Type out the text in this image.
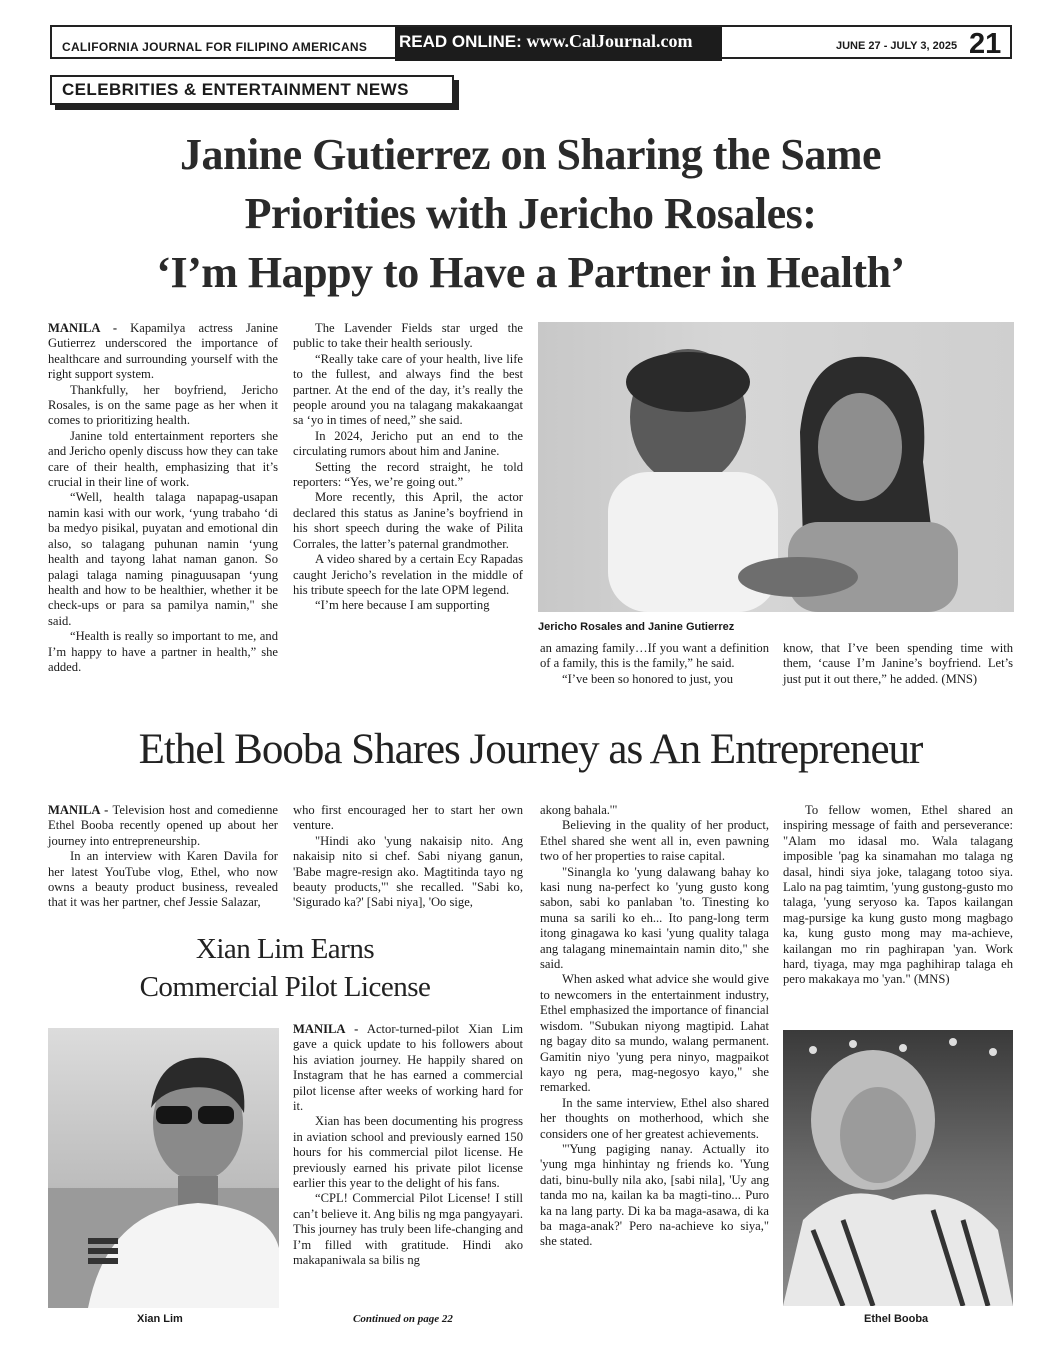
CALIFORNIA JOURNAL FOR FILIPINO AMERICANS READ ONLINE: www.CalJournal.com	JUNE 27 - JULY 3, 2025 21
CELEBRITIES & ENTERTAINMENT NEWS
Janine Gutierrez on Sharing the Same
Priorities with Jericho Rosales:
‘I’m Happy to Have a Partner in Health’

MANILA - Kapamilya actress Janine Gutierrez underscored the importance of healthcare and surrounding yourself with the right support system.

Thankfully, her boyfriend, Jericho Rosales, is on the same page as her when it comes to prioritizing health.

Janine told entertainment reporters she and Jericho openly discuss how they can take care of their health, emphasizing that it’s crucial in their line of work.

“Well, health talaga napapag-usapan namin kasi with our work, ‘yung trabaho ‘di ba medyo pisikal, puyatan and emotional din also, so talagang puhunan namin ‘yung health and tayong lahat naman ganon. So palagi talaga naming pinaguusapan ‘yung health and how to be healthier, whether it be check-ups or para sa pamilya namin," she said.

“Health is really so important to me, and I’m happy to have a partner in health,” she added.

The Lavender Fields star urged the public to take their health seriously.

“Really take care of your health, live life to the fullest, and always find the best partner. At the end of the day, it’s really the people around you na talagang makakaangat sa ‘yo in times of need,” she said.

In 2024, Jericho put an end to the circulating rumors about him and Janine.

Setting the record straight, he told reporters: “Yes, we’re going out.”

More recently, this April, the actor declared this status as Janine’s boyfriend in his short speech during the wake of Pilita Corrales, the latter’s paternal grandmother.

A video shared by a certain Ecy Rapadas caught Jericho’s revelation in the middle of his tribute speech for the late OPM legend.

“I’m here because I am supporting

Jericho Rosales and Janine Gutierrez

an amazing family…If you want a definition of a family, this is the family,” he said.

“I’ve been so honored to just, you

know, that I’ve been spending time with them, ‘cause I’m Janine’s boyfriend. Let’s just put it out there,” he added. (MNS)

Ethel Booba Shares Journey as An Entrepreneur

MANILA - Television host and comedienne Ethel Booba recently opened up about her journey into entrepreneurship.

In an interview with Karen Davila for her latest YouTube vlog, Ethel, who now owns a beauty product business, revealed that it was her partner, chef Jessie Salazar,

who first encouraged her to start her own venture.

"Hindi ako 'yung nakaisip nito. Ang nakaisip nito si chef. Sabi niyang ganun, 'Babe magre-resign ako. Magtitinda tayo ng beauty products,"' she recalled. "Sabi ko, 'Sigurado ka?' [Sabi niya], 'Oo sige,

akong bahala.'"

Believing in the quality of her product, Ethel shared she went all in, even pawning two of her properties to raise capital.

"Sinangla ko 'yung dalawang bahay ko kasi nung na-perfect ko 'yung gusto kong sabon, sabi ko panlaban 'to. Tinesting ko muna sa sarili ko eh... Ito pang-long term itong ginagawa ko kasi 'yung quality talaga ang talagang minemaintain namin dito," she said.

When asked what advice she would give to newcomers in the entertainment industry, Ethel emphasized the importance of financial wisdom. "Subukan niyong magtipid. Lahat ng bagay dito sa mundo, walang permanent. Gamitin niyo 'yung pera ninyo, magpaikot kayo ng pera, mag-negosyo kayo," she remarked.

In the same interview, Ethel also shared her thoughts on motherhood, which she considers one of her greatest achievements.

"'Yung pagiging nanay. Actually ito 'yung mga hinhintay ng friends ko. 'Yung dati, binu-bully nila ako, [sabi nila], 'Uy ang tanda mo na, kailan ka ba magti-tino... Puro ka na lang party. Di ka ba maga-asawa, di ka ba maga-anak?' Pero na-achieve ko siya," she stated.

To fellow women, Ethel shared an inspiring message of faith and perseverance: "Alam mo idasal mo. Wala talagang imposible 'pag ka sinamahan mo talaga ng dasal, hindi siya joke, talagang totoo siya. Lalo na pag taimtim, 'yung gustong-gusto mo talaga, 'yung seryoso ka. Tapos kailangan mag-pursige ka kung gusto mong magbago ka, kung gusto mong may ma-achieve, kailangan mo rin paghirapan 'yan. Work hard, tiyaga, may mga paghihirap talaga eh pero makakaya mo 'yan." (MNS)

Ethel Booba
Xian Lim Earns
Commercial Pilot License
Xian Lim

MANILA - Actor-turned-pilot Xian Lim gave a quick update to his followers about his aviation journey. He happily shared on Instagram that he has earned a commercial pilot license after weeks of working hard for it.

Xian has been documenting his progress in aviation school and previously earned 150 hours for his commercial pilot license. He previously earned his private pilot license earlier this year to the delight of his fans.

“CPL! Commercial Pilot License! I still can’t believe it. Ang bilis ng mga pangyayari. This journey has truly been life-changing and I’m filled with gratitude. Hindi ako makapaniwala sa bilis ng

Continued on page 22
